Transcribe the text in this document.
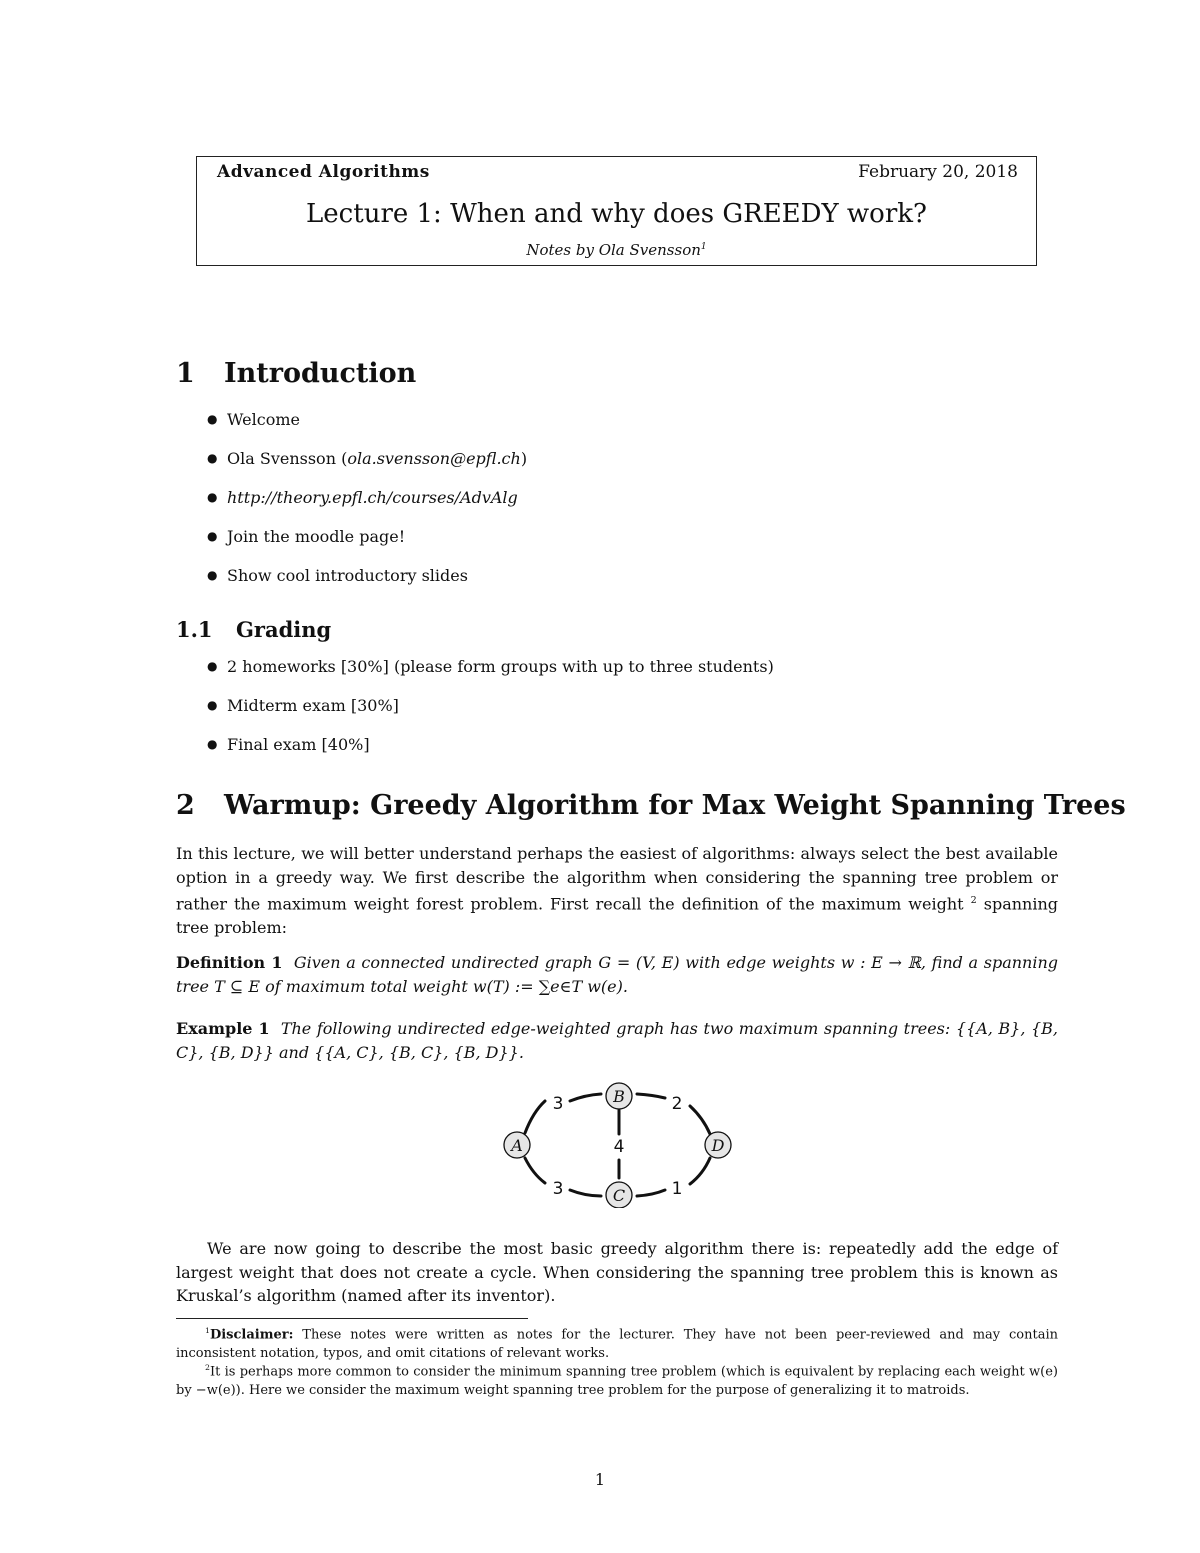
Advanced Algorithms	February 20, 2018
Lecture 1: When and why does GREEDY work?
Notes by Ola Svensson$^1$
1 Introduction
● Welcome
● Ola Svensson (ola.svensson@epfl.ch)
● http://theory.epfl.ch/courses/AdvAlg
● Join the moodle page!
● Show cool introductory slides
1.1 Grading
● 2 homeworks [30%] (please form groups with up to three students)
● Midterm exam [30%]
● Final exam [40%]
2 Warmup: Greedy Algorithm for Max Weight Spanning Trees
In this lecture, we will better understand perhaps the easiest of algorithms: always select the best available option in a greedy way. We first describe the algorithm when considering the spanning tree problem or rather the maximum weight forest problem. First recall the definition of the maximum weight $^2$ spanning tree problem:
Definition 1 Given a connected undirected graph G = (V, E) with edge weights w : E → ℝ, find a spanning tree T ⊆ E of maximum total weight w(T) := ∑e∈T w(e).
Example 1 The following undirected edge-weighted graph has two maximum spanning trees: {{A, B}, {B, C}, {B, D}} and {{A, C}, {B, C}, {B, D}}.
3	2
4
3	1
A
B
C
D
We are now going to describe the most basic greedy algorithm there is: repeatedly add the edge of largest weight that does not create a cycle. When considering the spanning tree problem this is known as Kruskal’s algorithm (named after its inventor).
$^1$Disclaimer: These notes were written as notes for the lecturer. They have not been peer-reviewed and may contain inconsistent notation, typos, and omit citations of relevant works.
$^2$It is perhaps more common to consider the minimum spanning tree problem (which is equivalent by replacing each weight w(e) by −w(e)). Here we consider the maximum weight spanning tree problem for the purpose of generalizing it to matroids.
1
